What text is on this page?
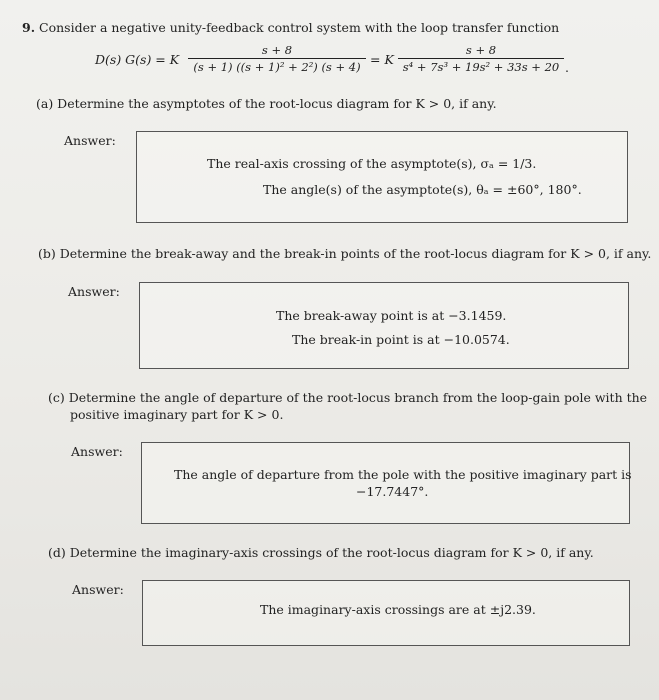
9. Consider a negative unity-feedback control system with the loop transfer function
D(s) G(s) = K
s + 8
(s + 1) ((s + 1)² + 2²) (s + 4) = K
s + 8
s⁴ + 7s³ + 19s² + 33s + 20 .
(a) Determine the asymptotes of the root-locus diagram for K > 0, if any.
Answer:
The real-axis crossing of the asymptote(s), σₐ = 1/3.
The angle(s) of the asymptote(s), θₐ = ±60°, 180°.
(b) Determine the break-away and the break-in points of the root-locus diagram for K > 0, if any.
Answer:
The break-away point is at −3.1459.
The break-in point is at −10.0574.
(c) Determine the angle of departure of the root-locus branch from the loop-gain pole with the
positive imaginary part for K > 0.
Answer:
The angle of departure from the pole with the positive imaginary part is
−17.7447°.
(d) Determine the imaginary-axis crossings of the root-locus diagram for K > 0, if any.
Answer:
The imaginary-axis crossings are at ±j2.39.
